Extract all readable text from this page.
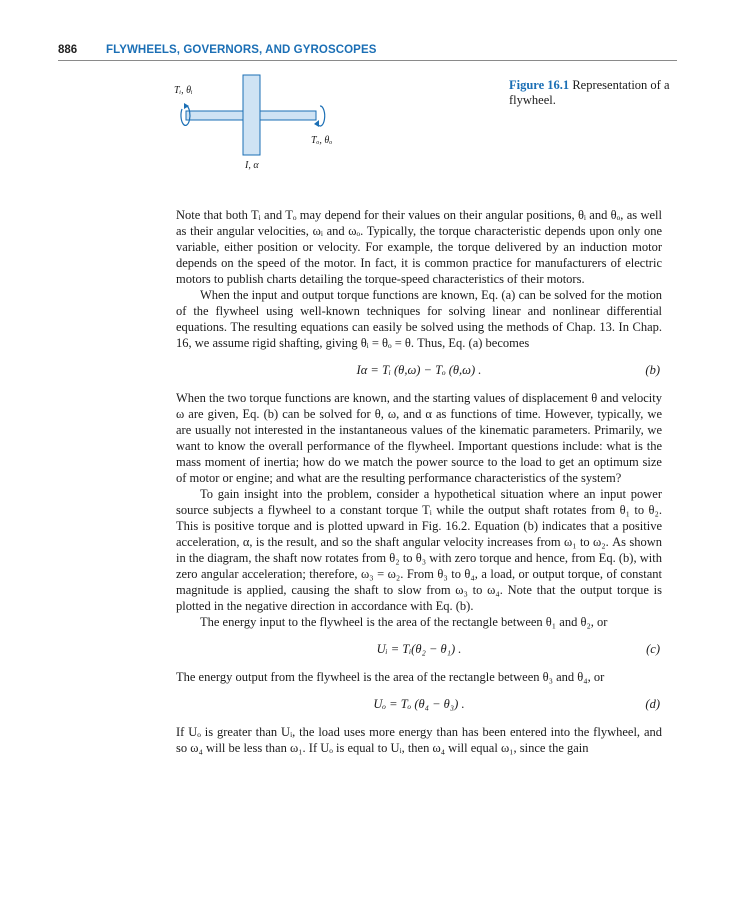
886	FLYWHEELS, GOVERNORS, AND GYROSCOPES
Tᵢ, θᵢ
Tₒ, θₒ
I, α
Figure 16.1 Representation of a flywheel.

Note that both Tᵢ and Tₒ may depend for their values on their angular positions, θᵢ and θₒ, as well as their angular velocities, ωᵢ and ωₒ. Typically, the torque characteristic depends upon only one variable, either position or velocity. For example, the torque delivered by an induction motor depends on the speed of the motor. In fact, it is common practice for manufacturers of electric motors to publish charts detailing the torque-speed characteristics of their motors.

When the input and output torque functions are known, Eq. (a) can be solved for the motion of the flywheel using well-known techniques for solving linear and nonlinear differential equations. The resulting equations can easily be solved using the methods of Chap. 13. In Chap. 16, we assume rigid shafting, giving θᵢ = θₒ = θ. Thus, Eq. (a) becomes

Iα = Tᵢ (θ,ω) − Tₒ (θ,ω) .	(b)

When the two torque functions are known, and the starting values of displacement θ and velocity ω are given, Eq. (b) can be solved for θ, ω, and α as functions of time. However, typically, we are usually not interested in the instantaneous values of the kinematic parameters. Primarily, we want to know the overall performance of the flywheel. Important questions include: what is the mass moment of inertia; how do we match the power source to the load to get an optimum size of motor or engine; and what are the resulting performance characteristics of the system?

To gain insight into the problem, consider a hypothetical situation where an input power source subjects a flywheel to a constant torque Tᵢ while the output shaft rotates from θ₁ to θ₂. This is positive torque and is plotted upward in Fig. 16.2. Equation (b) indicates that a positive acceleration, α, is the result, and so the shaft angular velocity increases from ω₁ to ω₂. As shown in the diagram, the shaft now rotates from θ₂ to θ₃ with zero torque and hence, from Eq. (b), with zero angular acceleration; therefore, ω₃ = ω₂. From θ₃ to θ₄, a load, or output torque, of constant magnitude is applied, causing the shaft to slow from ω₃ to ω₄. Note that the output torque is plotted in the negative direction in accordance with Eq. (b).

The energy input to the flywheel is the area of the rectangle between θ₁ and θ₂, or

Uᵢ = Tᵢ(θ₂ − θ₁) .	(c)

The energy output from the flywheel is the area of the rectangle between θ₃ and θ₄, or

Uₒ = Tₒ (θ₄ − θ₃) .	(d)

If Uₒ is greater than Uᵢ, the load uses more energy than has been entered into the flywheel, and so ω₄ will be less than ω₁. If Uₒ is equal to Uᵢ, then ω₄ will equal ω₁, since the gain
